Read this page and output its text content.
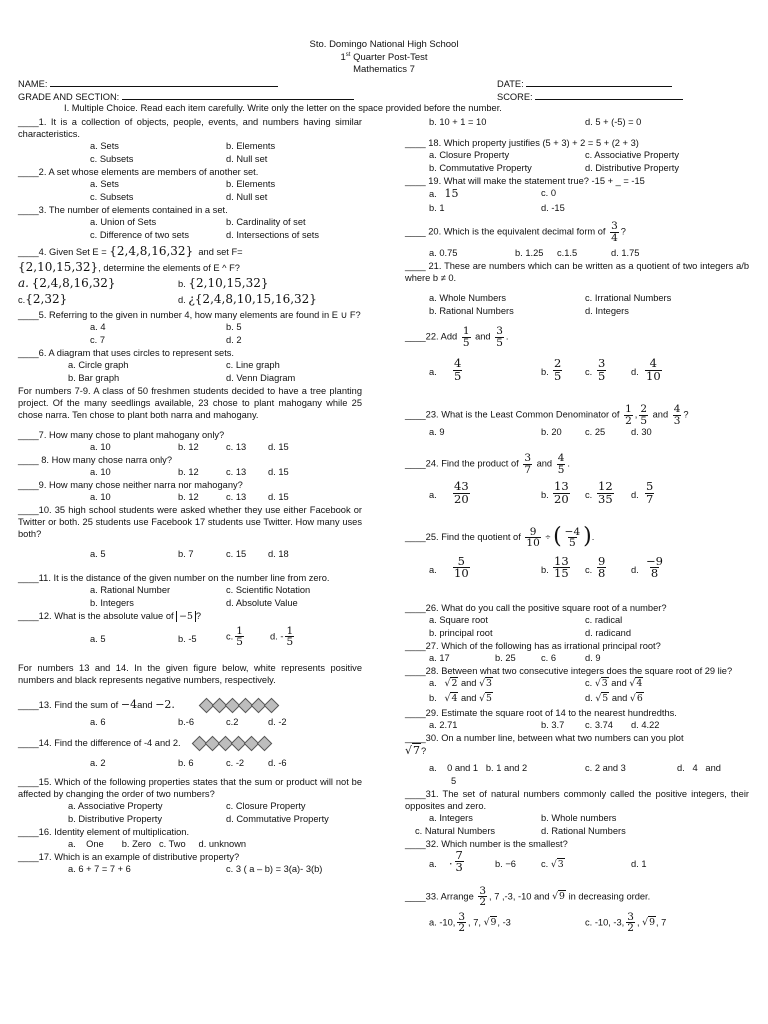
Sto. Domingo National High School
1st Quarter Post-Test
Mathematics 7
NAME:
GRADE AND SECTION:
DATE:
SCORE:
I. Multiple Choice. Read each item carefully. Write only the letter on the space provided before the number.
____1. It is a collection of objects, people, events, and numbers having similar characteristics.
a. Sets	b. Elements
c. Subsets	d. Null set
____2. A set whose elements are members of another set.
a. Sets	b. Elements
c. Subsets	d. Null set
____3. The number of elements contained in a set.
a. Union of Sets	b. Cardinality of set
c. Difference of two sets	d. Intersections of sets
____4. Given Set E = {2,4,8,16,32} and set F=
{2,10,15,32}, determine the elements of E ^ F?
a. {2,4,8,16,32}	b. {2,10,15,32}
c.{2,32}	d. ¿{2,4,8,10,15,16,32}
____5. Referring to the given in number 4, how many elements are found in E ∪ F?
a. 4	b. 5
c. 7	d. 2
____6. A diagram that uses circles to represent sets.
a. Circle graph	c. Line graph
b. Bar graph	d. Venn Diagram
For numbers 7-9. A class of 50 freshmen students decided to have a tree planting project. Of the many seedlings available, 23 chose to plant mahogany while 25 chose narra. Ten chose to plant both narra and mahogany.
____7. How many chose to plant mahogany only?
a. 10	b. 12	c. 13 d. 15
____ 8. How many chose narra only?
a. 10	b. 12	c. 13 d. 15
____9. How many chose neither narra nor mahogany?
a. 10	b. 12	c. 13 d. 15
____10. 35 high school students were asked whether they use either Facebook or Twitter or both. 25 students use Facebook 17 students use Twitter. How many uses both?
a. 5	b. 7	c. 15 d. 18
____11. It is the distance of the given number on the number line from zero.
a. Rational Number	c. Scientific Notation
b. Integers	d. Absolute Value
____12. What is the absolute value of −5 ?
a. 5	b. -5	c. $\frac{1}{5}$	d. - $\frac{1}{5}$
For numbers 13 and 14. In the given figure below, white represents positive numbers and black represents negative numbers, respectively.
____13. Find the sum of −4and −2.
a. 6	b.-6	c.2	d. -2
____14. Find the difference of -4 and 2.
a. 2	b. 6	c. -2	d. -6
____15. Which of the following properties states that the sum or product will not be affected by changing the order of two numbers?
a. Associative Property	c. Closure Property
b. Distributive Property	d. Commutative Property
____16. Identity element of multiplication.
a.    One       b. Zero   c. Two     d. unknown
____17. Which is an example of distributive property?
a. 6 + 7 = 7 + 6	c. 3 ( a – b) = 3(a)- 3(b)
b. 10 + 1 = 10	d. 5 + (-5) = 0
____ 18. Which property justifies (5 + 3) + 2 = 5 + (2 + 3)
a. Closure Property	c. Associative Property
b. Commutative Property	d. Distributive Property
____ 19. What will make the statement true? -15 + _ = -15
a. 15	c. 0
b. 1	d. -15
____ 20. Which is the equivalent decimal form of $\frac{3}{4}$ ?
a. 0.75	b. 1.25 c.1.5	d. 1.75
____ 21. These are numbers which can be written as a quotient of two integers a/b where b ≠ 0.
a. Whole Numbers	c. Irrational Numbers
b. Rational Numbers	d. Integers
____22. Add $\frac{1}{5}$ and $\frac{3}{5}$ .
a. $\frac{4}{5}$	b. $\frac{2}{5} c$. $\frac{3}{5}$	d. $\frac{4}{10}$
____23. What is the Least Common Denominator of $\frac{1}{2}$ , $\frac{2}{5}$ and $\frac{4}{3}$ ?
a. 9	b. 20	c. 25	d. 30
____24. Find the product of $\frac{3}{7}$ and $\frac{4}{5}$ .
a. $\frac{43}{20}$	b. $\frac{13}{20} c$. $\frac{12}{35} d$. $\frac{5}{7}$
____25. Find the quotient of $\frac{9}{10}$ ÷ ( $\frac{-4}{5}$ ).
a. $\frac{5}{10}$	b. $\frac{13}{15} c$. $\frac{9}{8}$	d. $\frac{-9}{8}$
____26. What do you call the positive square root of a number?
a. Square root	c. radical
b. principal root	d. radicand
____27. Which of the following has as irrational principal root?
a. 17	b. 25	c. 6	d. 9
____28. Between what two consecutive integers does the square root of 29 lie?
a. √2 and √3	c. √3 and √4
b. √4 and √5	d. √5 and √6
____29. Estimate the square root of 14 to the nearest hundredths.
a. 2.71	b. 3.7 c. 3.74 d. 4.22
____30. On a number line, between what two numbers can you plot
√7?
a.    0 and 1   b. 1 and 2	c. 2 and 3	d.   4   and
5
____31. The set of natural numbers commonly called the positive integers, their opposites and zero.
a. Integers	b. Whole numbers
c. Natural Numbers	d. Rational Numbers
____32. Which number is the smallest?
a. . $\frac{7}{3}$	b. −6	c. √3	d. 1
____33. Arrange $\frac{3}{2}$ , 7 ,-3, -10 and √9 in decreasing order.
a. -10, $\frac{3}{2}$ , 7, √9, -3	c. -10, -3, $\frac{3}{2}$ , √9, 7
